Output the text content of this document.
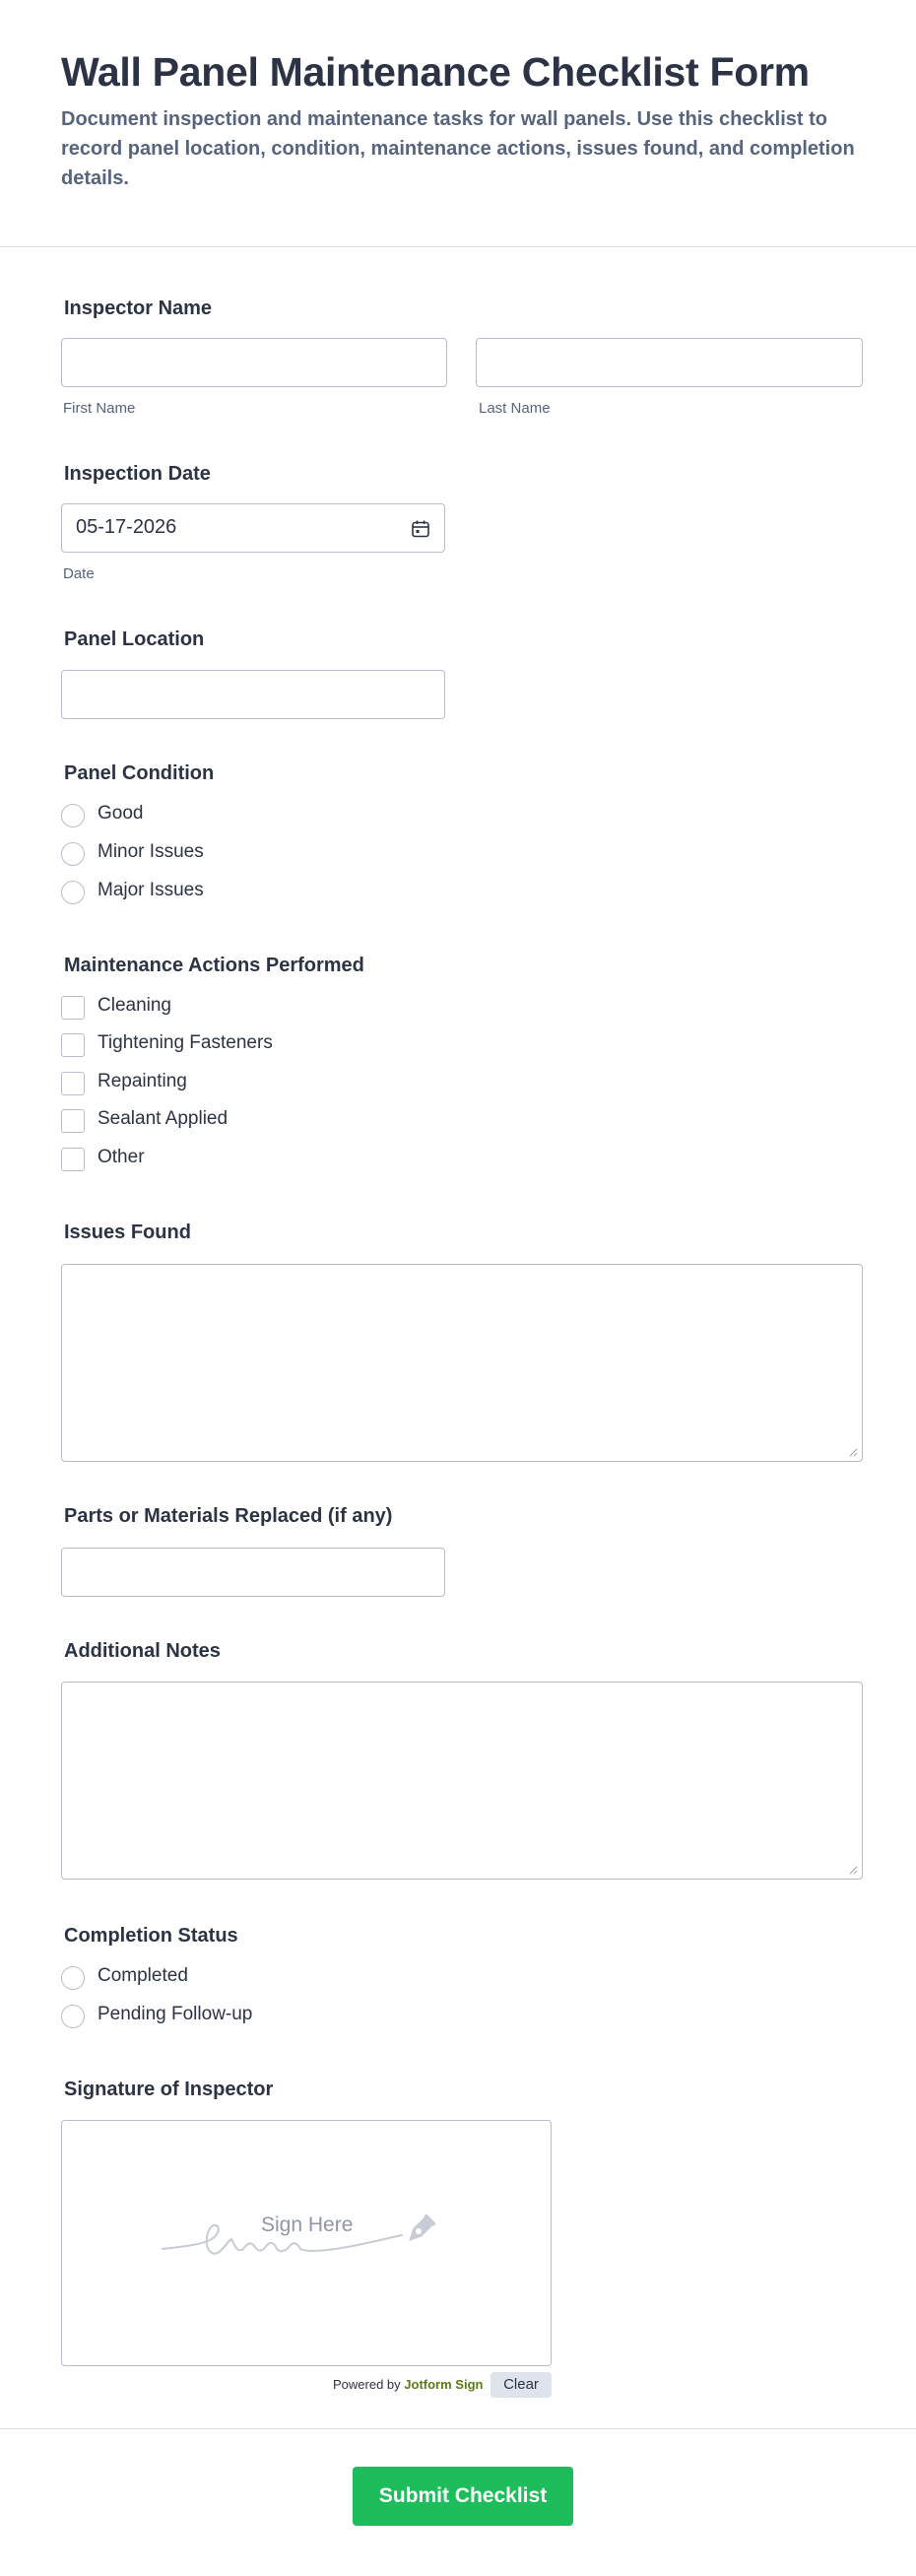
Wall Panel Maintenance Checklist Form
Document inspection and maintenance tasks for wall panels. Use this checklist to record panel location, condition, maintenance actions, issues found, and completion details.
Inspector Name
First Name	Last Name
Inspection Date
05-17-2026
Date
Panel Location
Panel Condition
Good
Minor Issues
Major Issues
Maintenance Actions Performed
Cleaning
Tightening Fasteners
Repainting
Sealant Applied
Other
Issues Found
Parts or Materials Replaced (if any)
Additional Notes
Completion Status
Completed
Pending Follow-up
Signature of Inspector
Sign Here
Powered by Jotform Sign	Clear
Submit Checklist
